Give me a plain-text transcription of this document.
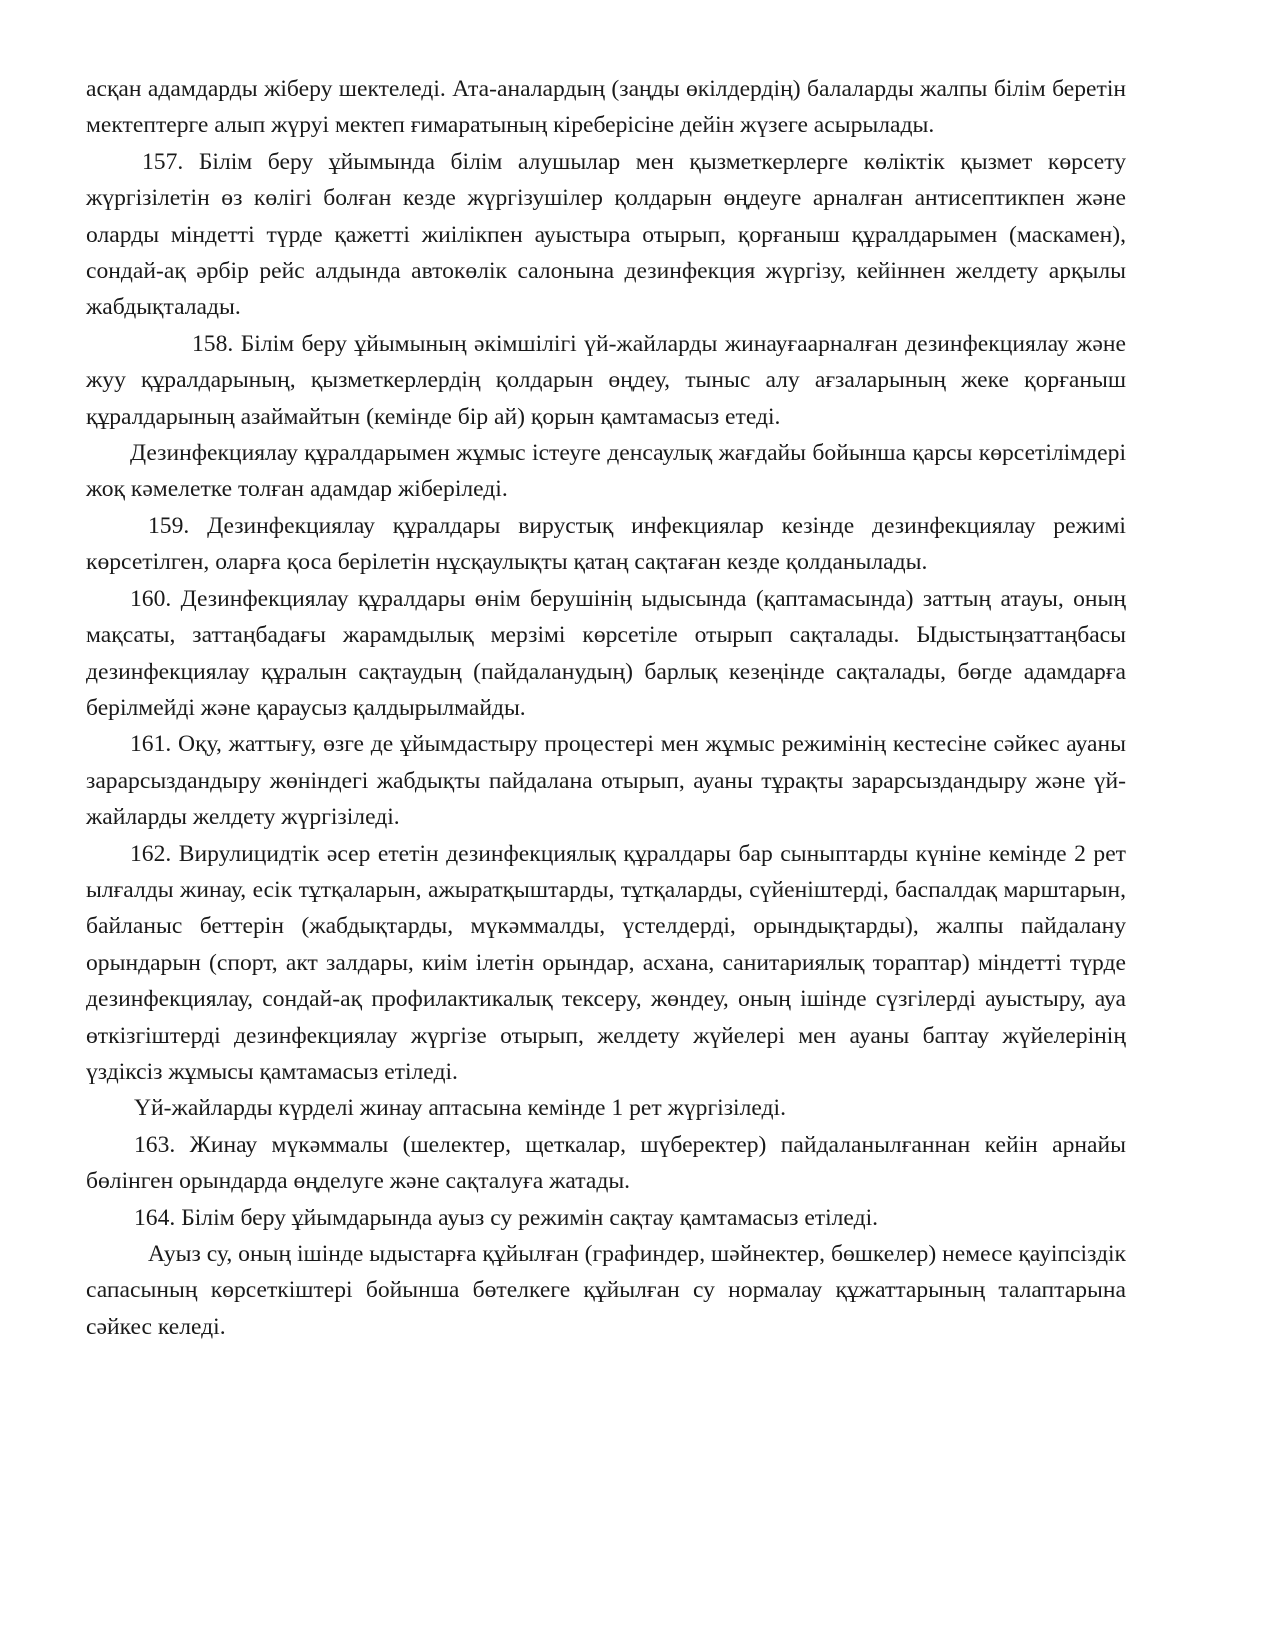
асқан адамдарды жіберу шектеледі. Ата-аналардың (заңды өкілдердің) балаларды жалпы білім беретін мектептерге алып жүруі мектеп ғимаратының кіреберісіне дейін жүзеге асырылады.

157. Білім беру ұйымында білім алушылар мен қызметкерлерге көліктік қызмет көрсету жүргізілетін өз көлігі болған кезде жүргізушілер қолдарын өңдеуге арналған антисептикпен және оларды міндетті түрде қажетті жиілікпен ауыстыра отырып, қорғаныш құралдарымен (маскамен), сондай-ақ әрбір рейс алдында автокөлік салонына дезинфекция жүргізу, кейіннен желдету арқылы жабдықталады.

158. Білім беру ұйымының әкімшілігі үй-жайларды жинауғаарналған дезинфекциялау және жуу құралдарының, қызметкерлердің қолдарын өңдеу, тыныс алу ағзаларының жеке қорғаныш құралдарының азаймайтын (кемінде бір ай) қорын қамтамасыз етеді.

Дезинфекциялау құралдарымен жұмыс істеуге денсаулық жағдайы бойынша қарсы көрсетілімдері жоқ кәмелетке толған адамдар жіберіледі.

159. Дезинфекциялау құралдары вирустық инфекциялар кезінде дезинфекциялау режимі көрсетілген, оларға қоса берілетін нұсқаулықты қатаң сақтаған кезде қолданылады.

160. Дезинфекциялау құралдары өнім берушінің ыдысында (қаптамасында) заттың атауы, оның мақсаты, заттаңбадағы жарамдылық мерзімі көрсетіле отырып сақталады. Ыдыстыңзаттаңбасы дезинфекциялау құралын сақтаудың (пайдаланудың) барлық кезеңінде сақталады, бөгде адамдарға берілмейді және қараусыз қалдырылмайды.

161. Оқу, жаттығу, өзге де ұйымдастыру процестері мен жұмыс режимінің кестесіне сәйкес ауаны зарарсыздандыру жөніндегі жабдықты пайдалана отырып, ауаны тұрақты зарарсыздандыру және үй-жайларды желдету жүргізіледі.

162. Вирулицидтік әсер ететін дезинфекциялық құралдары бар сыныптарды күніне кемінде 2 рет ылғалды жинау, есік тұтқаларын, ажыратқыштарды, тұтқаларды, сүйеніштерді, баспалдақ марштарын, байланыс беттерін (жабдықтарды, мүкәммалды, үстелдерді, орындықтарды), жалпы пайдалану орындарын (спорт, акт залдары, киім ілетін орындар, асхана, санитариялық тораптар) міндетті түрде дезинфекциялау, сондай-ақ профилактикалық тексеру, жөндеу, оның ішінде сүзгілерді ауыстыру, ауа өткізгіштерді дезинфекциялау жүргізе отырып, желдету жүйелері мен ауаны баптау жүйелерінің үздіксіз жұмысы қамтамасыз етіледі.

Үй-жайларды күрделі жинау аптасына кемінде 1 рет жүргізіледі.

163. Жинау мүкәммалы (шелектер, щеткалар, шүберектер) пайдаланылғаннан кейін арнайы бөлінген орындарда өңделуге және сақталуға жатады.

164. Білім беру ұйымдарында ауыз су режимін сақтау қамтамасыз етіледі.

Ауыз су, оның ішінде ыдыстарға құйылған (графиндер, шәйнектер, бөшкелер) немесе қауіпсіздік сапасының көрсеткіштері бойынша бөтелкеге құйылған су нормалау құжаттарының талаптарына сәйкес келеді.
